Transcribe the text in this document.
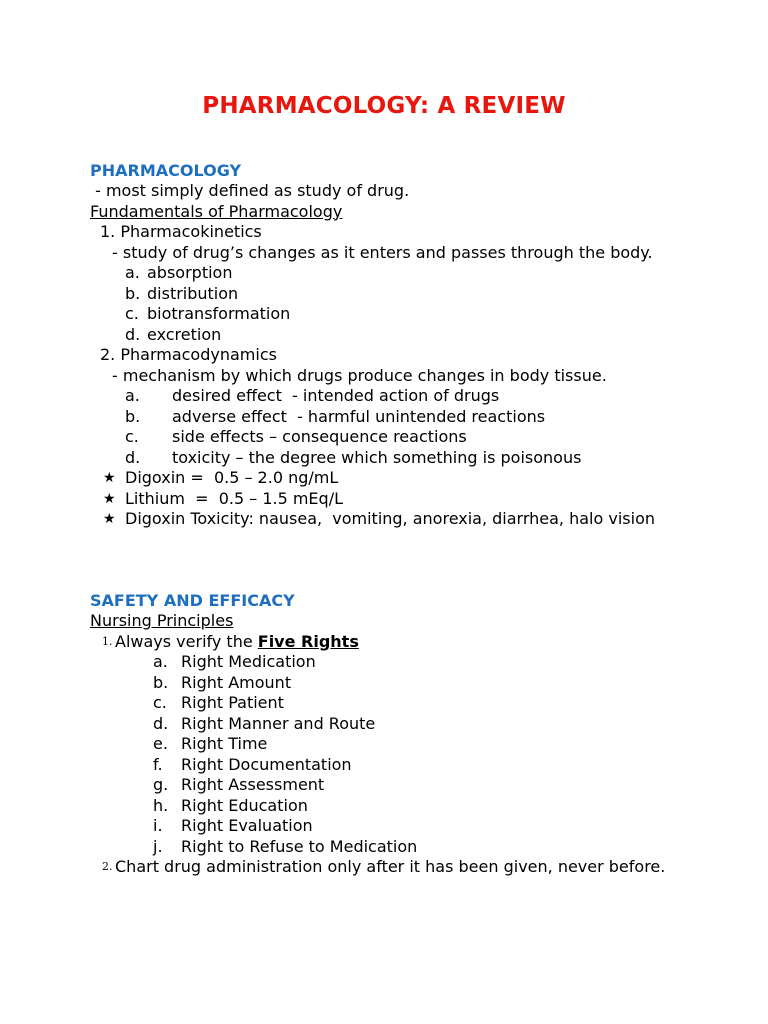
PHARMACOLOGY: A REVIEW
PHARMACOLOGY
- most simply defined as study of drug.
Fundamentals of Pharmacology
1. Pharmacokinetics
- study of drug’s changes as it enters and passes through the body.
a. absorption
b. distribution
c. biotransformation
d. excretion
2. Pharmacodynamics
- mechanism by which drugs produce changes in body tissue.
a.	desired effect  - intended action of drugs
b.	adverse effect  - harmful unintended reactions
c.	side effects – consequence reactions
d.	toxicity – the degree which something is poisonous
★ Digoxin =  0.5 – 2.0 ng/mL
★ Lithium  =  0.5 – 1.5 mEq/L
★ Digoxin Toxicity: nausea,  vomiting, anorexia, diarrhea, halo vision
SAFETY AND EFFICACY
Nursing Principles
1. Always verify the Five Rights
a. Right Medication
b. Right Amount
c. Right Patient
d. Right Manner and Route
e. Right Time
f.	Right Documentation
g. Right Assessment
h. Right Education
i.	Right Evaluation
j.	Right to Refuse to Medication
2. Chart drug administration only after it has been given, never before.
